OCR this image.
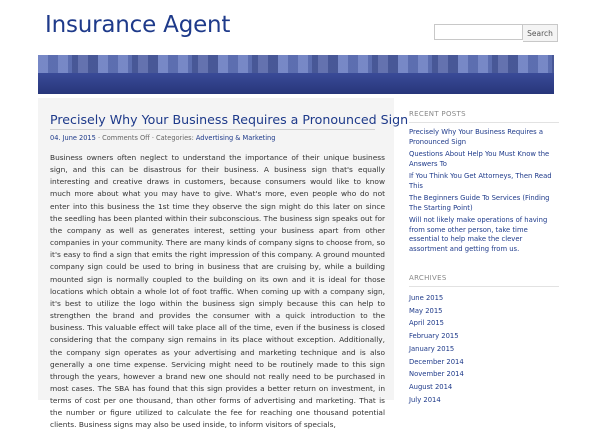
Insurance Agent	Search
Precisely Why Your Business Requires a Pronounced Sign
04. June 2015 · Comments Off · Categories: Advertising & Marketing
Business owners often neglect to understand the importance of their unique business sign, and this can be disastrous for their business. A business sign that's equally interesting and creative draws in customers, because consumers would like to know much more about what you may have to give. What's more, even people who do not enter into this business the 1st time they observe the sign might do this later on since the seedling has been planted within their subconscious. The business sign speaks out for the company as well as generates interest, setting your business apart from other companies in your community. There are many kinds of company signs to choose from, so it's easy to find a sign that emits the right impression of this company. A ground mounted company sign could be used to bring in business that are cruising by, while a building mounted sign is normally coupled to the building on its own and it is ideal for those locations which obtain a whole lot of foot traffic. When coming up with a company sign, it's best to utilize the logo within the business sign simply because this can help to strengthen the brand and provides the consumer with a quick introduction to the business. This valuable effect will take place all of the time, even if the business is closed considering that the company sign remains in its place without exception. Additionally, the company sign operates as your advertising and marketing technique and is also generally a one time expense. Servicing might need to be routinely made to this sign through the years, however a brand new one should not really need to be purchased in most cases. The SBA has found that this sign provides a better return on investment, in terms of cost per one thousand, than other forms of advertising and marketing. That is the number or figure utilized to calculate the fee for reaching one thousand potential clients. Business signs may also be used inside, to inform visitors of specials,
RECENT POSTS
Precisely Why Your Business Requires a Pronounced Sign
Questions About Help You Must Know the Answers To
If You Think You Get Attorneys, Then Read This
The Beginners Guide To Services (Finding The Starting Point)
Will not likely make operations of having from some other person, take time essential to help make the clever assortment and getting from us.
ARCHIVES
June 2015
May 2015
April 2015
February 2015
January 2015
December 2014
November 2014
August 2014
July 2014
